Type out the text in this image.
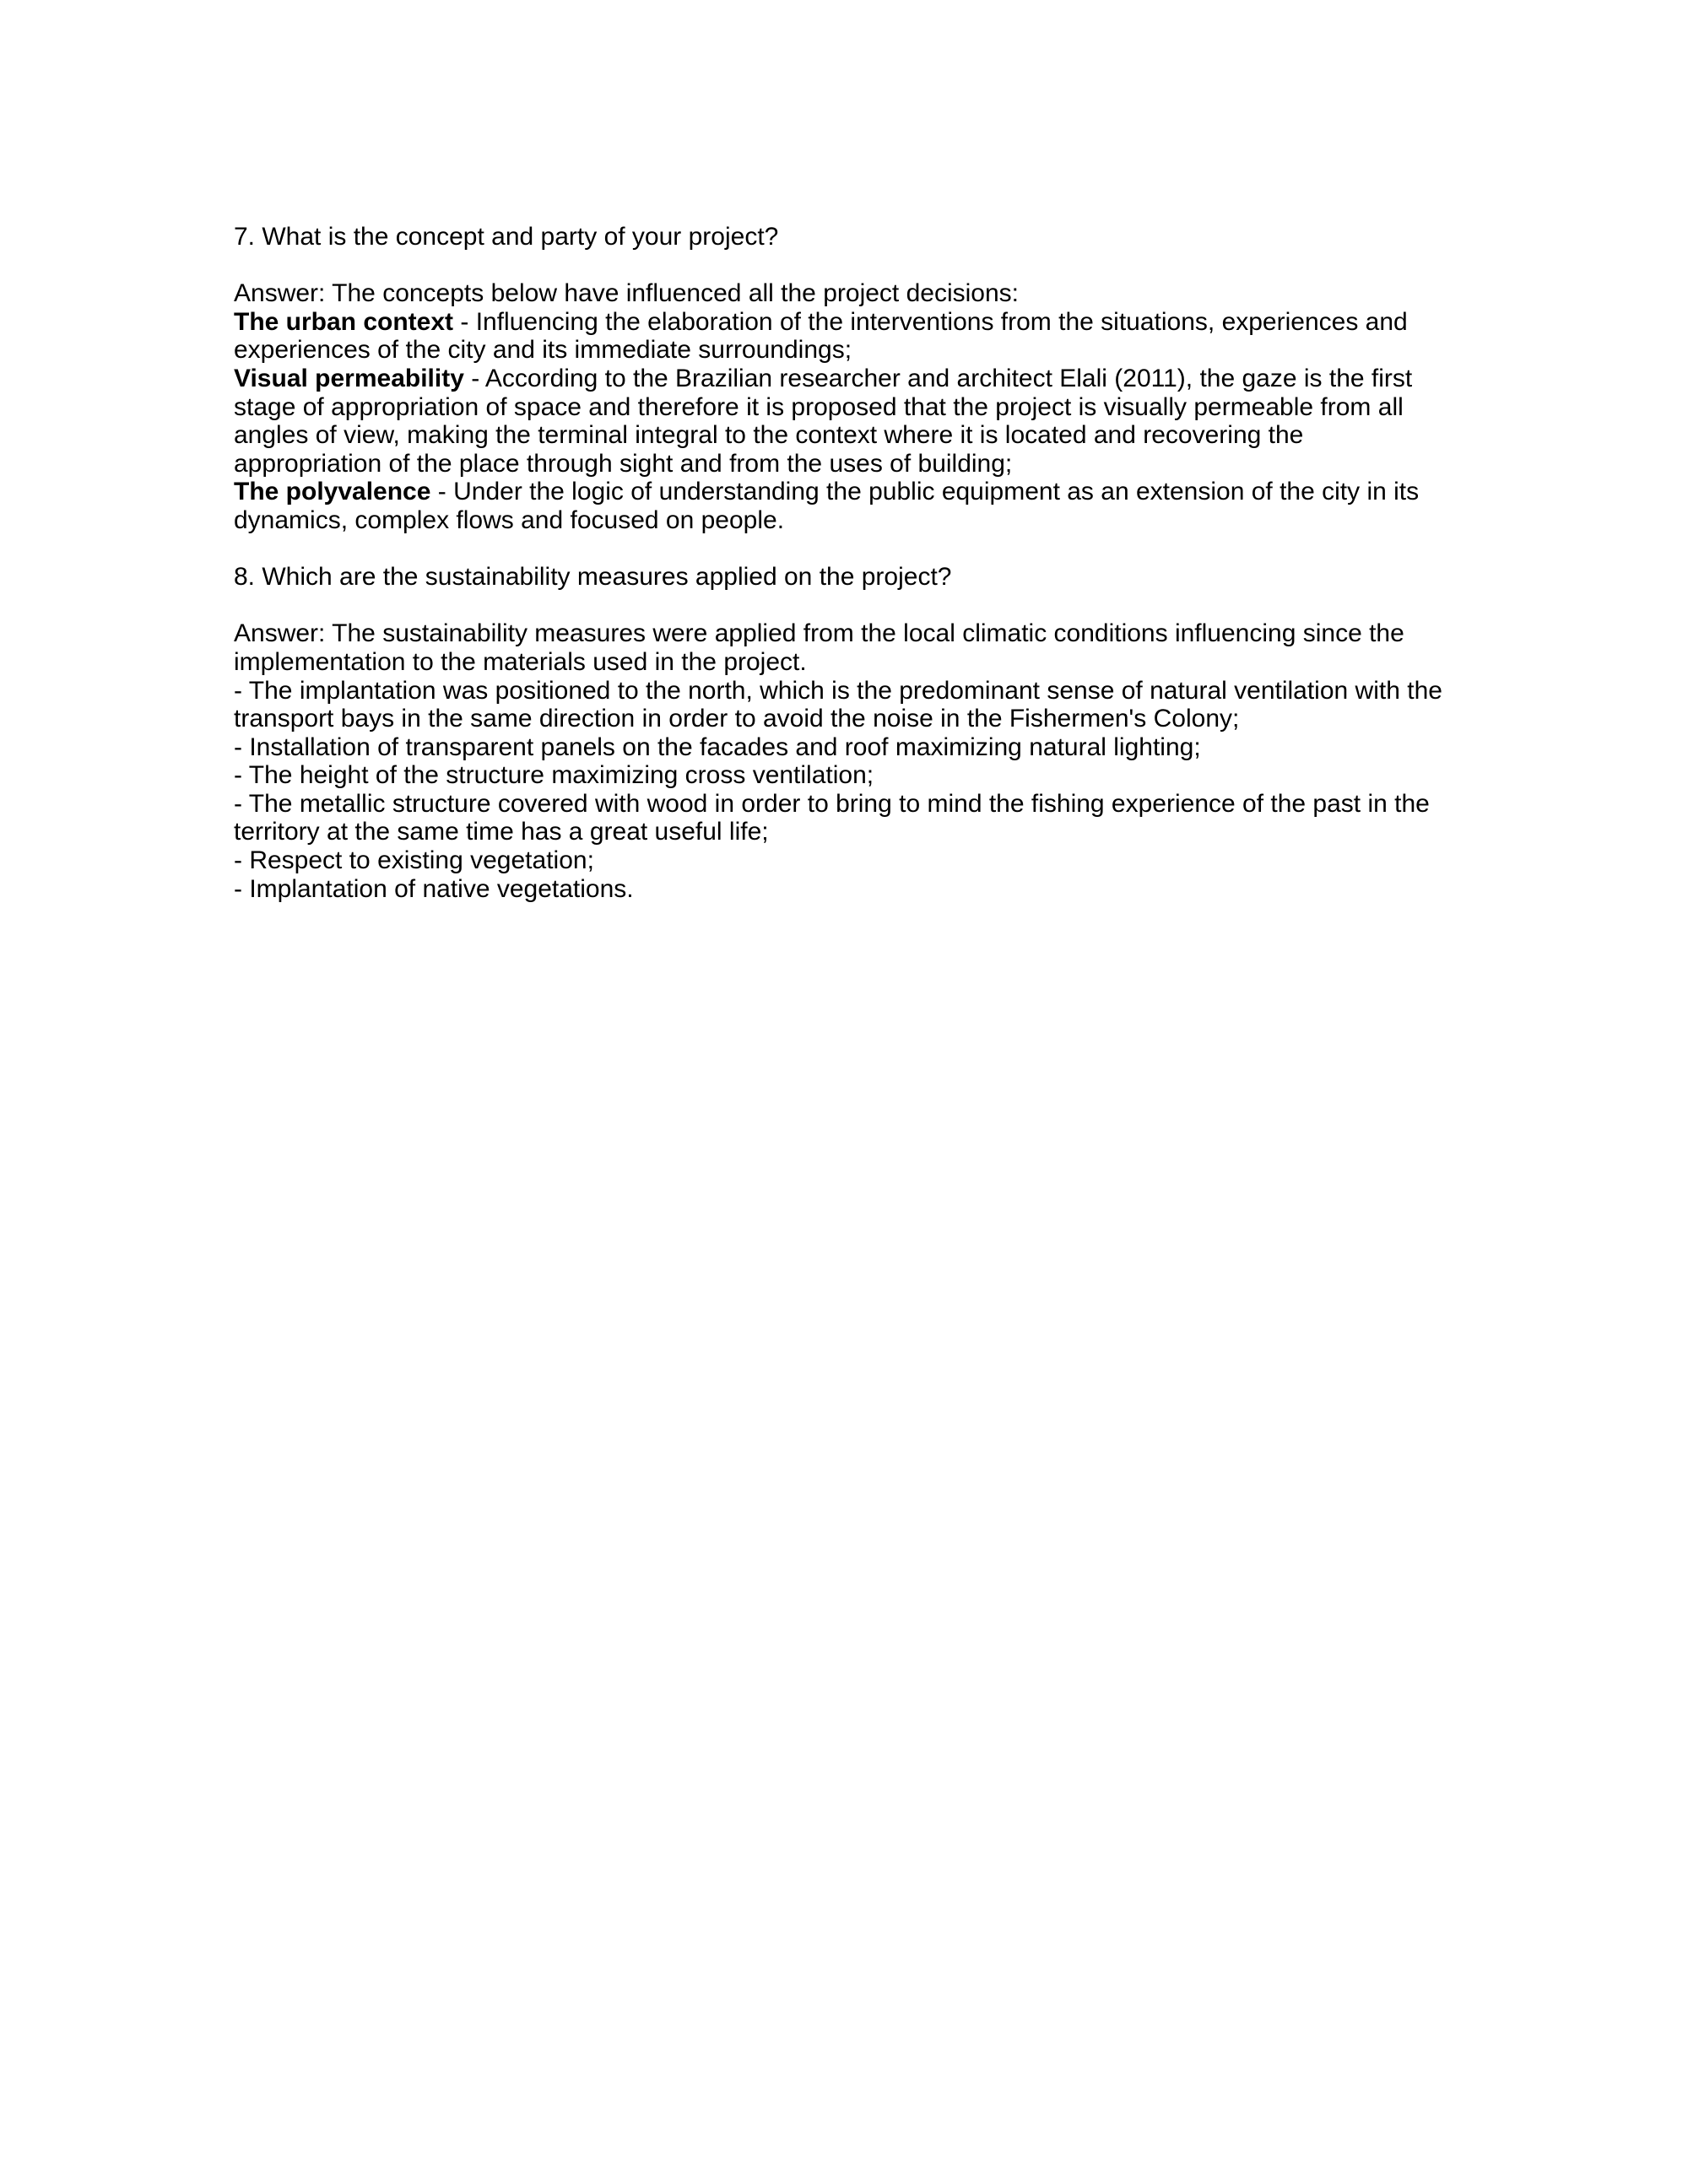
7. What is the concept and party of your project?

Answer: The concepts below have influenced all the project decisions:

The urban context - Influencing the elaboration of the interventions from the situations, experiences and experiences of the city and its immediate surroundings;

Visual permeability - According to the Brazilian researcher and architect Elali (2011), the gaze is the first stage of appropriation of space and therefore it is proposed that the project is visually permeable from all angles of view, making the terminal integral to the context where it is located and recovering the appropriation of the place through sight and from the uses of building;

The polyvalence - Under the logic of understanding the public equipment as an extension of the city in its dynamics, complex flows and focused on people.

8. Which are the sustainability measures applied on the project?

Answer: The sustainability measures were applied from the local climatic conditions influencing since the implementation to the materials used in the project.

- The implantation was positioned to the north, which is the predominant sense of natural ventilation with the transport bays in the same direction in order to avoid the noise in the Fishermen's Colony;

- Installation of transparent panels on the facades and roof maximizing natural lighting;

- The height of the structure maximizing cross ventilation;

- The metallic structure covered with wood in order to bring to mind the fishing experience of the past in the territory at the same time has a great useful life;

- Respect to existing vegetation;

- Implantation of native vegetations.
